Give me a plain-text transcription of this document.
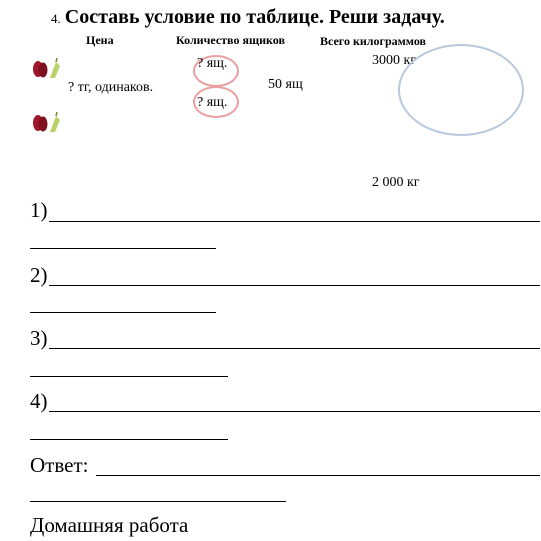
4. Составь условие по таблице. Реши задачу.
Цена	Количество ящиков	Всего килограммов
? тг, одинаков.
? ящ.
? ящ.
50 ящ
3000 кг
2 000 кг
1)
2)
3)
4)
Ответ:
Домашняя работа
